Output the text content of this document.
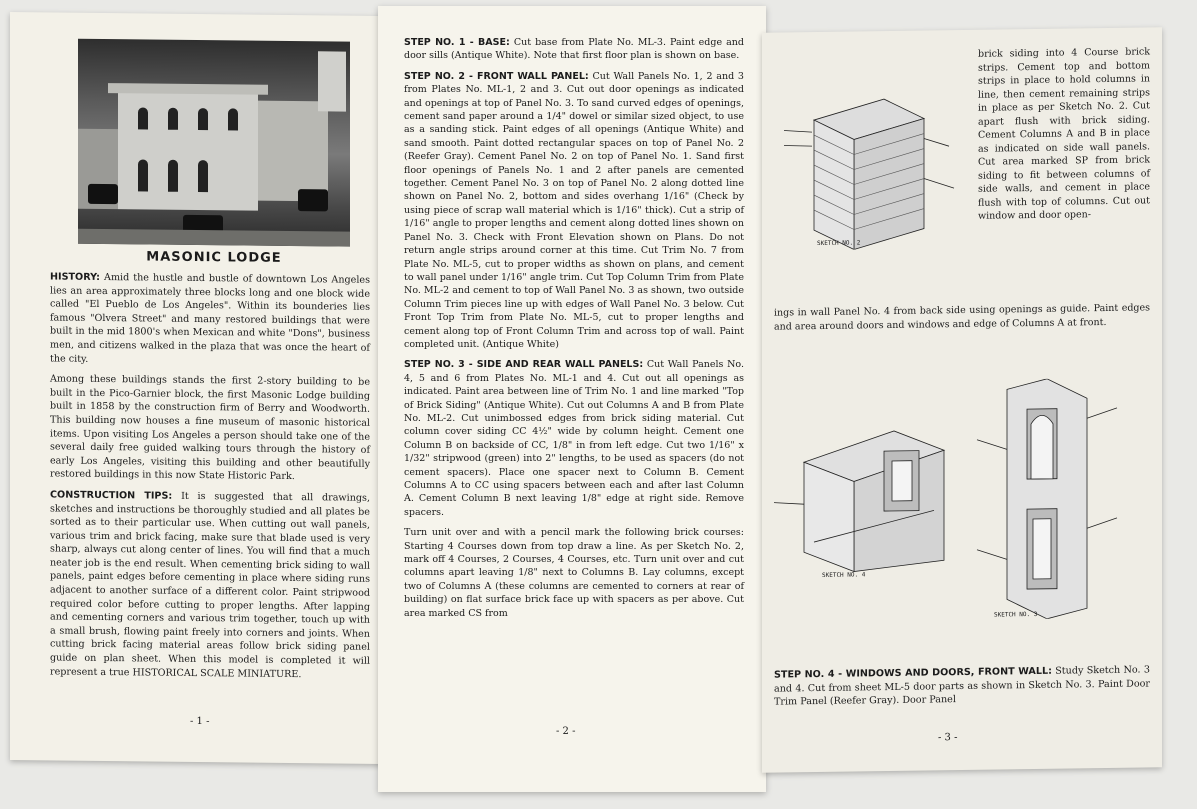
MASONIC LODGE

HISTORY: Amid the hustle and bustle of downtown Los Angeles lies an area approximately three blocks long and one block wide called "El Pueblo de Los Angeles". Within its bounderies lies famous "Olvera Street" and many restored buildings that were built in the mid 1800's when Mexican and white "Dons", business men, and citizens walked in the plaza that was once the heart of the city.

Among these buildings stands the first 2-story building to be built in the Pico-Garnier block, the first Masonic Lodge building built in 1858 by the construction firm of Berry and Woodworth. This building now houses a fine museum of masonic historical items. Upon visiting Los Angeles a person should take one of the several daily free guided walking tours through the history of early Los Angeles, visiting this building and other beautifully restored buildings in this now State Historic Park.

CONSTRUCTION TIPS: It is suggested that all drawings, sketches and instructions be thoroughly studied and all plates be sorted as to their particular use. When cutting out wall panels, various trim and brick facing, make sure that blade used is very sharp, always cut along center of lines. You will find that a much neater job is the end result. When cementing brick siding to wall panels, paint edges before cementing in place where siding runs adjacent to another surface of a different color. Paint stripwood required color before cutting to proper lengths. After lapping and cementing corners and various trim together, touch up with a small brush, flowing paint freely into corners and joints. When cutting brick facing material areas follow brick siding panel guide on plan sheet. When this model is completed it will represent a true HISTORICAL SCALE MINIATURE.

- 1 -

STEP NO. 1 - BASE: Cut base from Plate No. ML-3. Paint edge and door sills (Antique White). Note that first floor plan is shown on base.

STEP NO. 2 - FRONT WALL PANEL: Cut Wall Panels No. 1, 2 and 3 from Plates No. ML-1, 2 and 3. Cut out door openings as indicated and openings at top of Panel No. 3. To sand curved edges of openings, cement sand paper around a 1/4" dowel or similar sized object, to use as a sanding stick. Paint edges of all openings (Antique White) and sand smooth. Paint dotted rectangular spaces on top of Panel No. 2 (Reefer Gray). Cement Panel No. 2 on top of Panel No. 1. Sand first floor openings of Panels No. 1 and 2 after panels are cemented together. Cement Panel No. 3 on top of Panel No. 2 along dotted line shown on Panel No. 2, bottom and sides overhang 1/16" (Check by using piece of scrap wall material which is 1/16" thick). Cut a strip of 1/16" angle to proper lengths and cement along dotted lines shown on Panel No. 3. Check with Front Elevation shown on Plans. Do not return angle strips around corner at this time. Cut Trim No. 7 from Plate No. ML-5, cut to proper widths as shown on plans, and cement to wall panel under 1/16" angle trim. Cut Top Column Trim from Plate No. ML-2 and cement to top of Wall Panel No. 3 as shown, two outside Column Trim pieces line up with edges of Wall Panel No. 3 below. Cut Front Top Trim from Plate No. ML-5, cut to proper lengths and cement along top of Front Column Trim and across top of wall. Paint completed unit. (Antique White)

STEP NO. 3 - SIDE AND REAR WALL PANELS: Cut Wall Panels No. 4, 5 and 6 from Plates No. ML-1 and 4. Cut out all openings as indicated. Paint area between line of Trim No. 1 and line marked "Top of Brick Siding" (Antique White). Cut out Columns A and B from Plate No. ML-2. Cut unimbossed edges from brick siding material. Cut column cover siding CC 4½" wide by column height. Cement one Column B on backside of CC, 1/8" in from left edge. Cut two 1/16" x 1/32" stripwood (green) into 2" lengths, to be used as spacers (do not cement spacers). Place one spacer next to Column B. Cement Columns A to CC using spacers between each and after last Column A. Cement Column B next leaving 1/8" edge at right side. Remove spacers.

Turn unit over and with a pencil mark the following brick courses: Starting 4 Courses down from top draw a line. As per Sketch No. 2, mark off 4 Courses, 2 Courses, 4 Courses, etc. Turn unit over and cut columns apart leaving 1/8" next to Columns B. Lay columns, except two of Columns A (these columns are cemented to corners at rear of building) on flat surface brick face up with spacers as per above. Cut area marked CS from

- 2 -
SKETCH NO. 2
brick siding into 4 Course brick strips. Cement top and bottom strips in place to hold columns in line, then cement remaining strips in place as per Sketch No. 2. Cut apart flush with brick siding. Cement Columns A and B in place as indicated on side wall panels. Cut area marked SP from brick siding to fit between columns of side walls, and cement in place flush with top of columns. Cut out window and door open-
ings in wall Panel No. 4 from back side using openings as guide. Paint edges and area around doors and windows and edge of Columns A at front.
SKETCH NO. 4
SKETCH NO. 3
STEP NO. 4 - WINDOWS AND DOORS, FRONT WALL: Study Sketch No. 3 and 4. Cut from sheet ML-5 door parts as shown in Sketch No. 3. Paint Door Trim Panel (Reefer Gray). Door Panel
- 3 -
